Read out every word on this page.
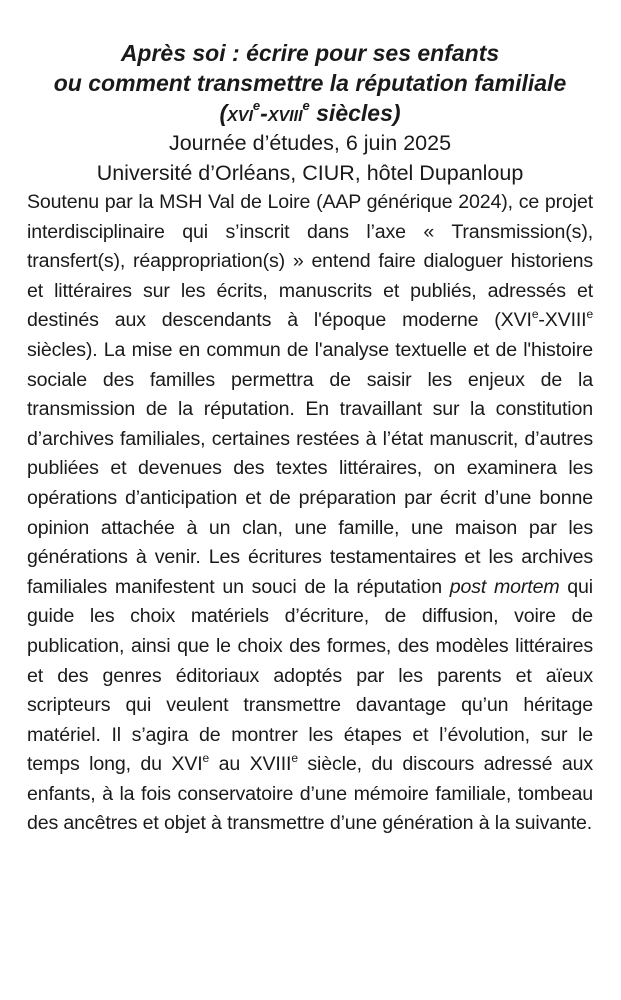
Après soi : écrire pour ses enfants

ou comment transmettre la réputation familiale

(xvi$^e$-xviii$^e$ siècles)

Journée d’études, 6 juin 2025

Université d’Orléans, CIUR, hôtel Dupanloup

Soutenu par la MSH Val de Loire (AAP générique 2024), ce projet interdisciplinaire qui s’inscrit dans l’axe « Transmission(s), transfert(s), réappropriation(s) » entend faire dialoguer historiens et littéraires sur les écrits, manuscrits et publiés, adressés et destinés aux descendants à l'époque moderne (XVIe-XVIIIe siècles). La mise en commun de l'analyse textuelle et de l'histoire sociale des familles permettra de saisir les enjeux de la transmission de la réputation. En travaillant sur la constitution d’archives familiales, certaines restées à l’état manuscrit, d’autres publiées et devenues des textes littéraires, on examinera les opérations d’anticipation et de préparation par écrit d’une bonne opinion attachée à un clan, une famille, une maison par les générations à venir. Les écritures testamentaires et les archives familiales manifestent un souci de la réputation post mortem qui guide les choix matériels d’écriture, de diffusion, voire de publication, ainsi que le choix des formes, des modèles littéraires et des genres éditoriaux adoptés par les parents et aïeux scripteurs qui veulent transmettre davantage qu’un héritage matériel. Il s’agira de montrer les étapes et l’évolution, sur le temps long, du XVIe au XVIIIe siècle, du discours adressé aux enfants, à la fois conservatoire d’une mémoire familiale, tombeau des ancêtres et objet à transmettre d’une génération à la suivante.
